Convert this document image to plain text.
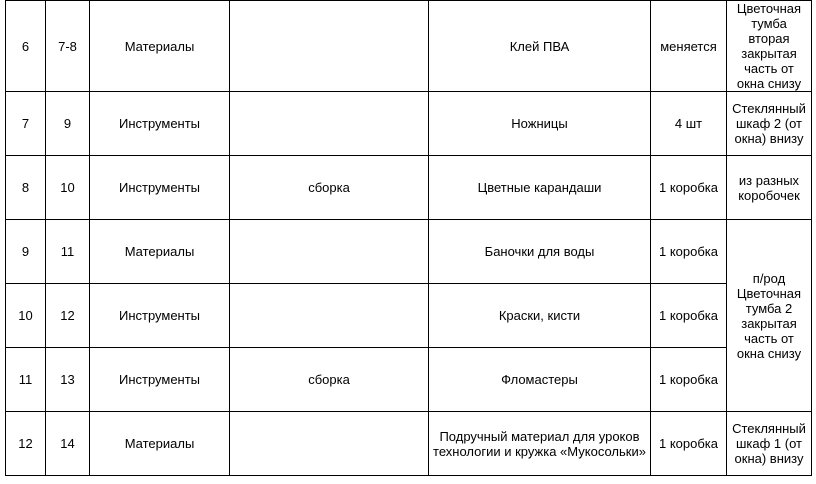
6	7-8	Материалы		Клей ПВА	меняется	Цветочная тумба вторая закрытая часть от окна снизу
7	9	Инструменты		Ножницы	4 шт	Стеклянный шкаф 2 (от окна) внизу
8	10	Инструменты	сборка	Цветные карандаши	1 коробка	из разных коробочек
9	11	Материалы		Баночки для воды	1 коробка	п/род Цветочная тумба 2 закрытая часть от окна снизу
10	12	Инструменты		Краски, кисти	1 коробка	
11	13	Инструменты	сборка	Фломастеры	1 коробка	
12	14	Материалы		Подручный материал для уроков технологии и кружка «Мукосольки»	1 коробка	Стеклянный шкаф 1 (от окна) внизу
